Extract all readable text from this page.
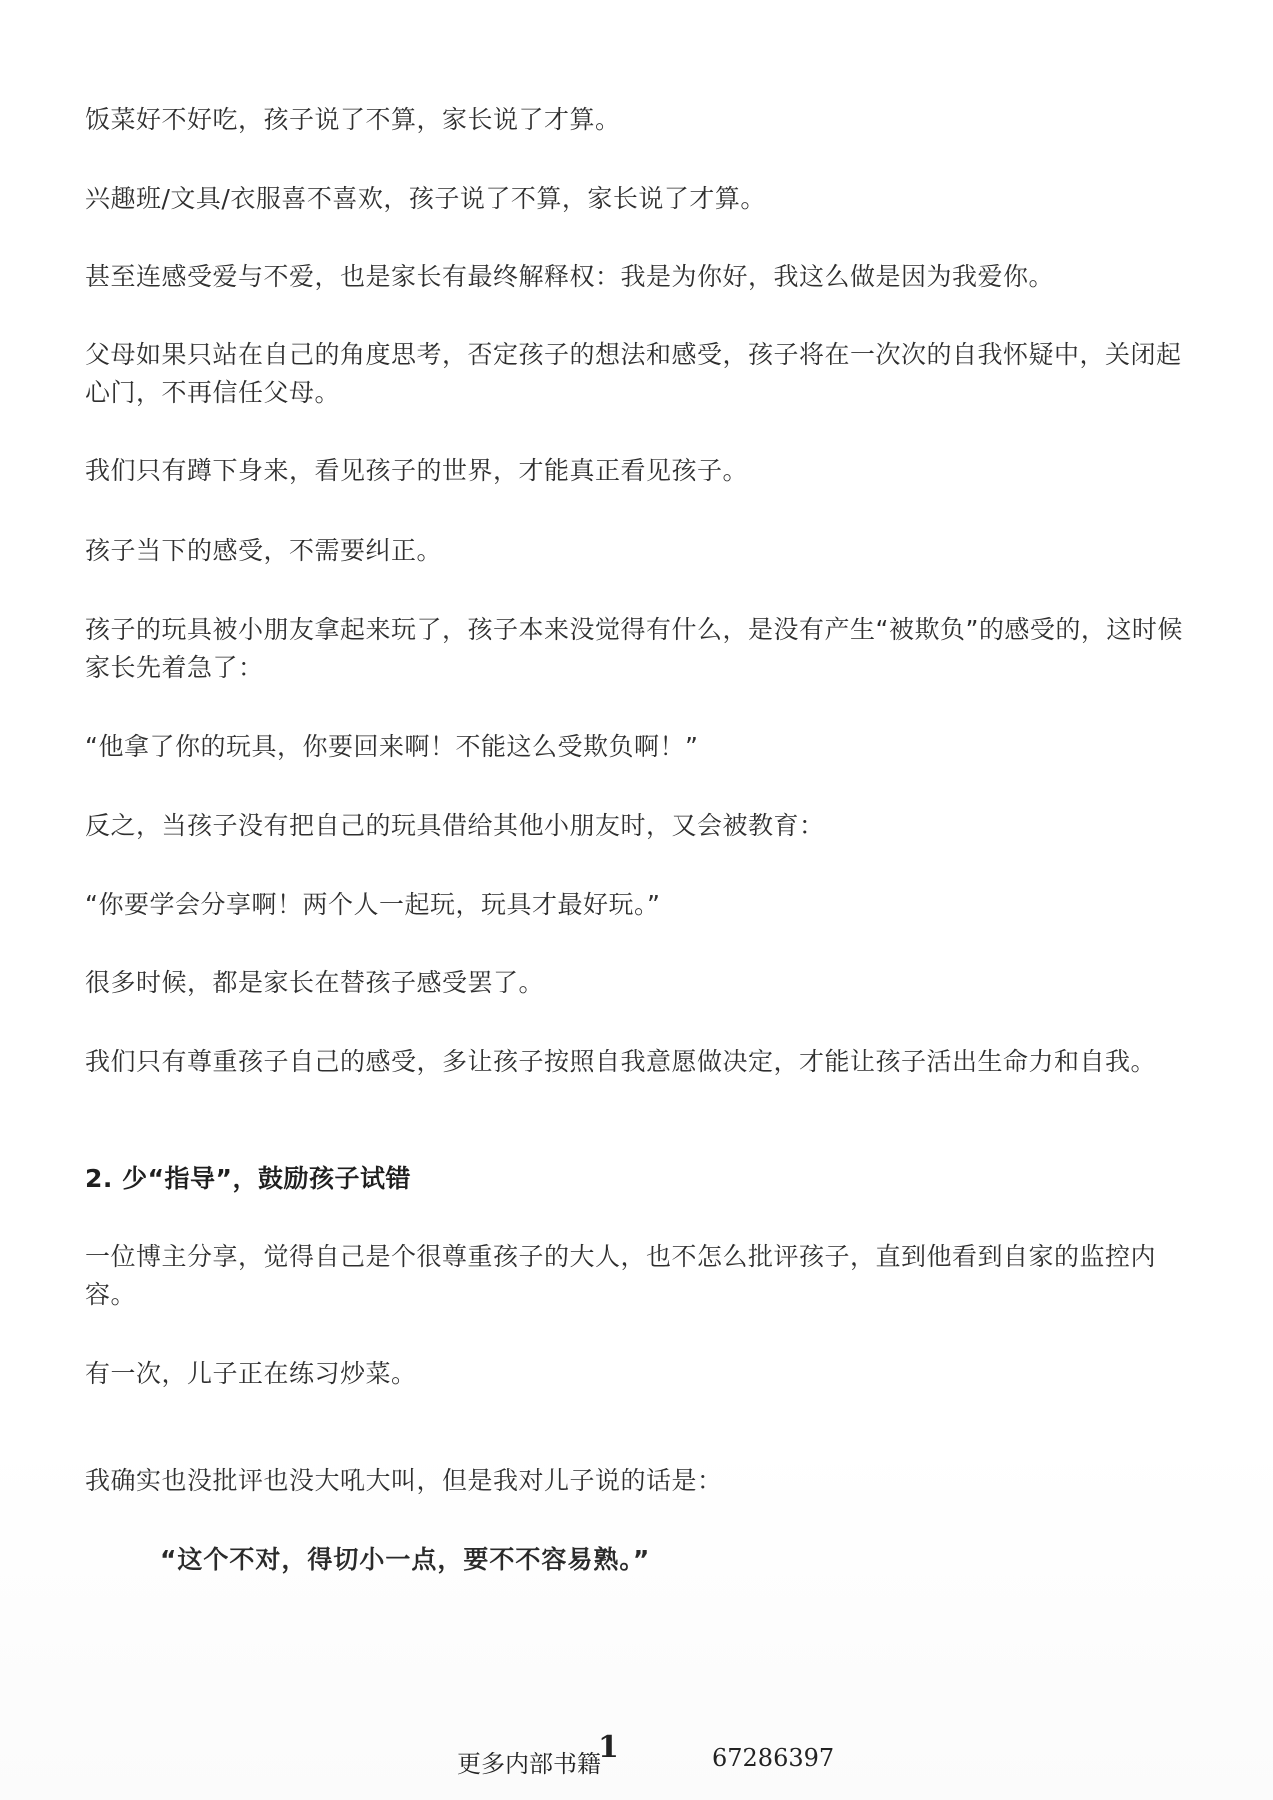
饭菜好不好吃，孩子说了不算，家长说了才算。
兴趣班/文具/衣服喜不喜欢，孩子说了不算，家长说了才算。
甚至连感受爱与不爱，也是家长有最终解释权：我是为你好，我这么做是因为我爱你。
父母如果只站在自己的角度思考，否定孩子的想法和感受，孩子将在一次次的自我怀疑中，关闭起心门，不再信任父母。
我们只有蹲下身来，看见孩子的世界，才能真正看见孩子。
孩子当下的感受，不需要纠正。
孩子的玩具被小朋友拿起来玩了，孩子本来没觉得有什么，是没有产生“被欺负”的感受的，这时候家长先着急了：
“他拿了你的玩具，你要回来啊！不能这么受欺负啊！”
反之，当孩子没有把自己的玩具借给其他小朋友时，又会被教育：
“你要学会分享啊！两个人一起玩，玩具才最好玩。”
很多时候，都是家长在替孩子感受罢了。
我们只有尊重孩子自己的感受，多让孩子按照自我意愿做决定，才能让孩子活出生命力和自我。
2. 少“指导”，鼓励孩子试错
一位博主分享，觉得自己是个很尊重孩子的大人，也不怎么批评孩子，直到他看到自家的监控内容。
有一次，儿子正在练习炒菜。
我确实也没批评也没大吼大叫，但是我对儿子说的话是：
“这个不对，得切小一点，要不不容易熟。”
更多内部书籍
1	67286397
